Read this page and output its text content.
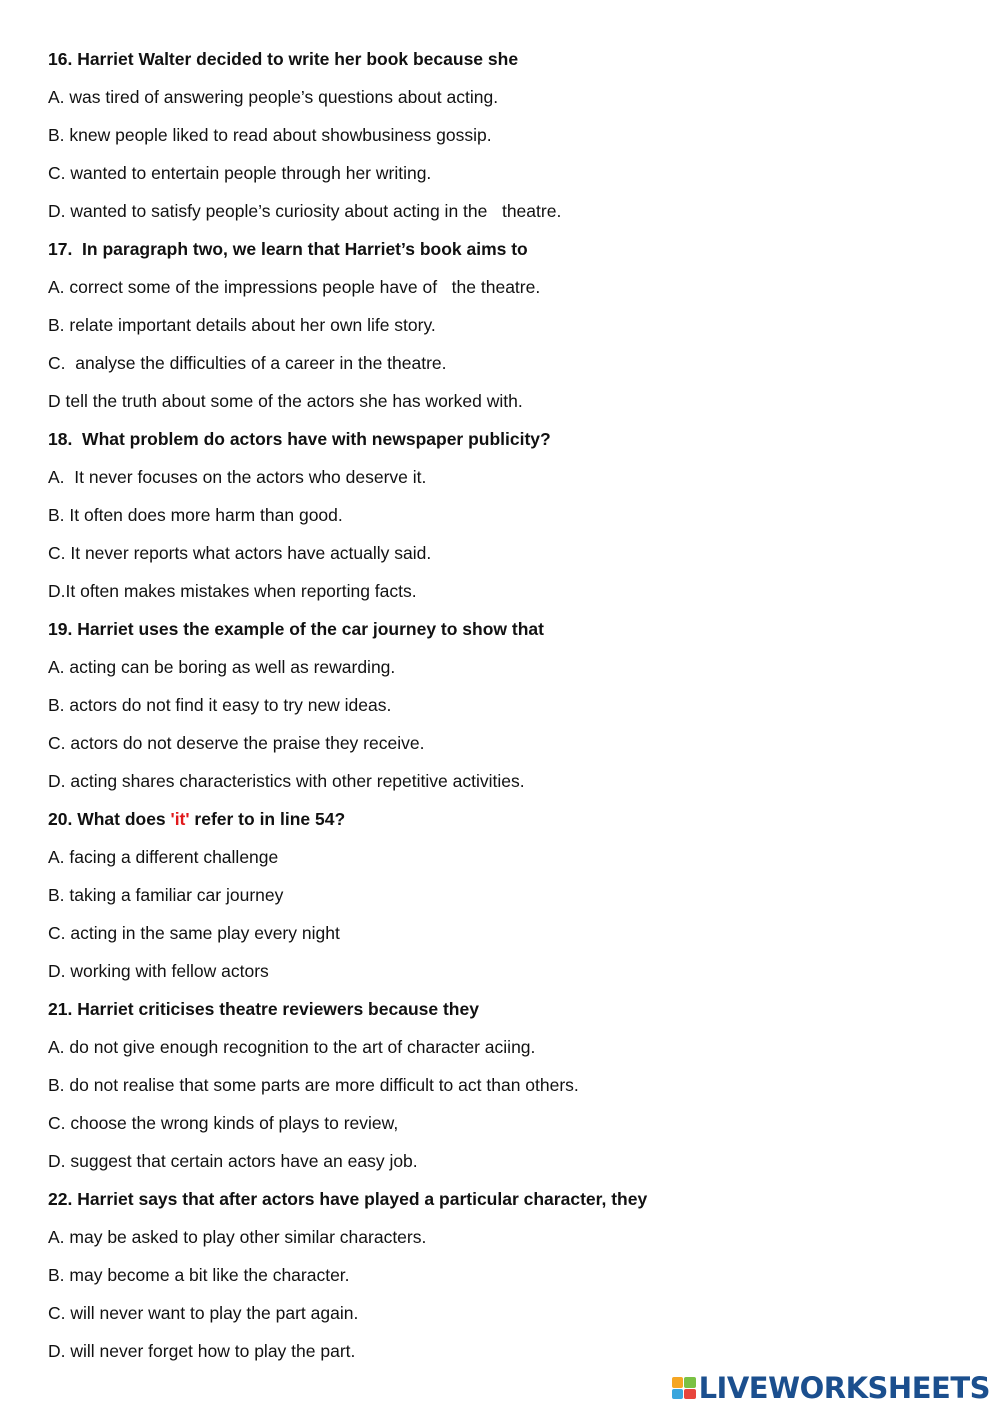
16. Harriet Walter decided to write her book because she
A. was tired of answering people’s questions about acting.
B. knew people liked to read about showbusiness gossip.
C. wanted to entertain people through her writing.
D. wanted to satisfy people’s curiosity about acting in the   theatre.
17.  In paragraph two, we learn that Harriet’s book aims to
A. correct some of the impressions people have of   the theatre.
B. relate important details about her own life story.
C.  analyse the difficulties of a career in the theatre.
D tell the truth about some of the actors she has worked with.
18.  What problem do actors have with newspaper publicity?
A.  It never focuses on the actors who deserve it.
B. It often does more harm than good.
C. It never reports what actors have actually said.
D.It often makes mistakes when reporting facts.
19. Harriet uses the example of the car journey to show that
A. acting can be boring as well as rewarding.
B. actors do not find it easy to try new ideas.
C. actors do not deserve the praise they receive.
D. acting shares characteristics with other repetitive activities.
20. What does 'it' refer to in line 54?
A. facing a different challenge
B. taking a familiar car journey
C. acting in the same play every night
D. working with fellow actors
21. Harriet criticises theatre reviewers because they
A. do not give enough recognition to the art of character aciing.
B. do not realise that some parts are more difficult to act than others.
C. choose the wrong kinds of plays to review,
D. suggest that certain actors have an easy job.
22. Harriet says that after actors have played a particular character, they
A. may be asked to play other similar characters.
B. may become a bit like the character.
C. will never want to play the part again.
D. will never forget how to play the part.
LIVEWORKSHEETS
